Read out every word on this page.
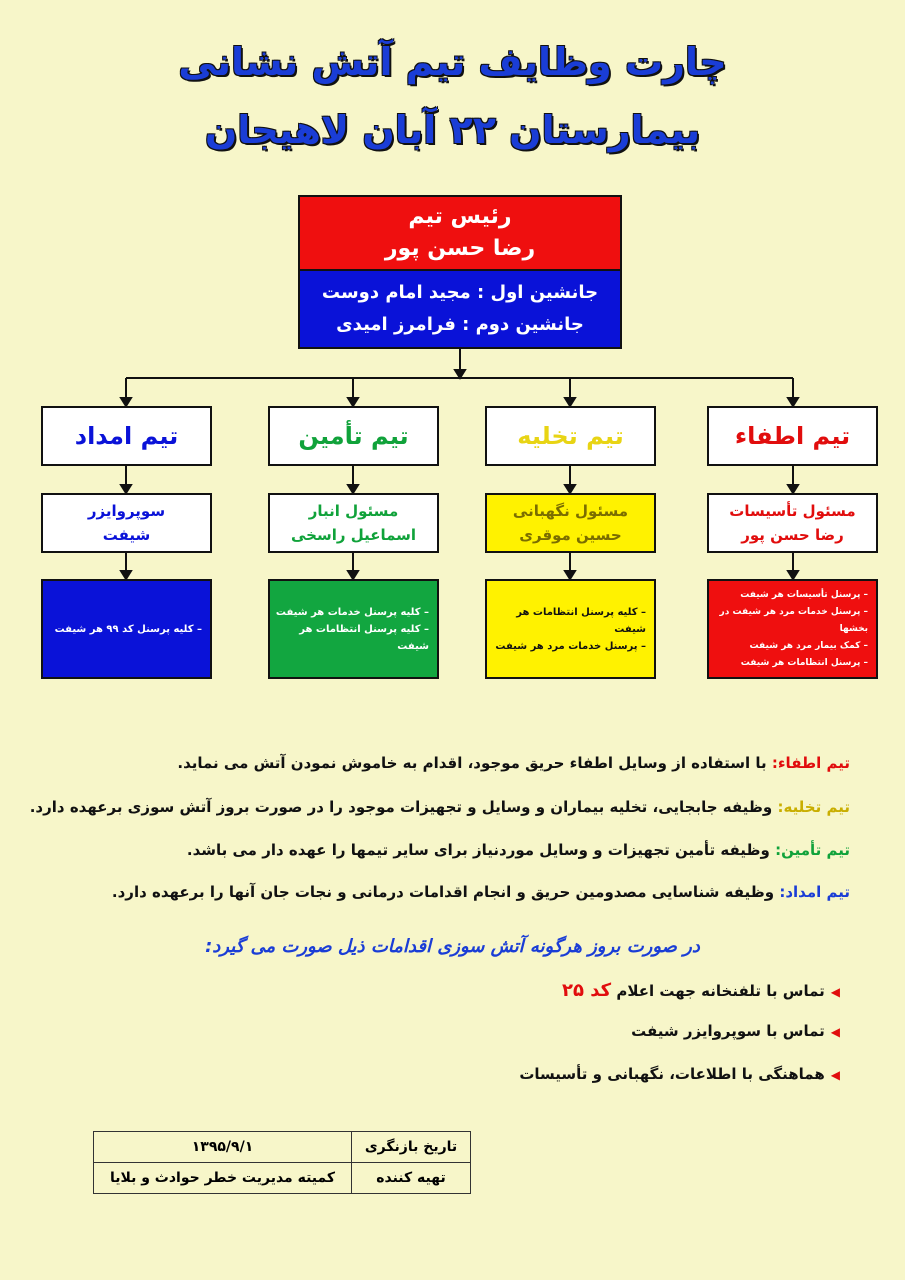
چارت وظایف تیم آتش نشانی
بیمارستان ۲۲ آبان لاهیجان
رئیس تیم
رضا حسن پور
جانشین اول : مجید امام دوست
جانشین دوم : فرامرز امیدی
تیم امداد	تیم تأمین	تیم تخلیه	تیم اطفاء
سوپروایزر
شیفت
مسئول انبار
اسماعیل راسخی
مسئول نگهبانی
حسین موقری
مسئول تأسیسات
رضا حسن پور
– کلیه پرسنل کد ۹۹ هر شیفت
– کلیه پرسنل خدمات هر شیفت
– کلیه پرسنل انتظامات هر شیفت
– کلیه پرسنل انتظامات هر شیفت
– پرسنل خدمات مرد هر شیفت
– پرسنل تأسیسات هر شیفت
– پرسنل خدمات مرد هر شیفت در بخشها
– کمک بیمار مرد هر شیفت
– پرسنل انتظامات هر شیفت
تیم اطفاء: با استفاده از وسایل اطفاء حریق موجود، اقدام به خاموش نمودن آتش می نماید.
تیم تخلیه: وظیفه جابجایی، تخلیه بیماران و وسایل و تجهیزات موجود را در صورت بروز آتش سوزی برعهده دارد.
تیم تأمین: وظیفه تأمین تجهیزات و وسایل موردنیاز برای سایر تیمها را عهده دار می باشد.
تیم امداد: وظیفه شناسایی مصدومین حریق و انجام اقدامات درمانی و نجات جان آنها را برعهده دارد.
در صورت بروز هرگونه آتش سوزی اقدامات ذیل صورت می گیرد:
◀تماس با تلفنخانه جهت اعلام کد ۲۵
◀تماس با سوپروایزر شیفت
◀هماهنگی با اطلاعات، نگهبانی و تأسیسات
تاریخ بازنگری	۱۳۹۵/۹/۱
تهیه کننده	کمیته مدیریت خطر حوادث و بلایا
